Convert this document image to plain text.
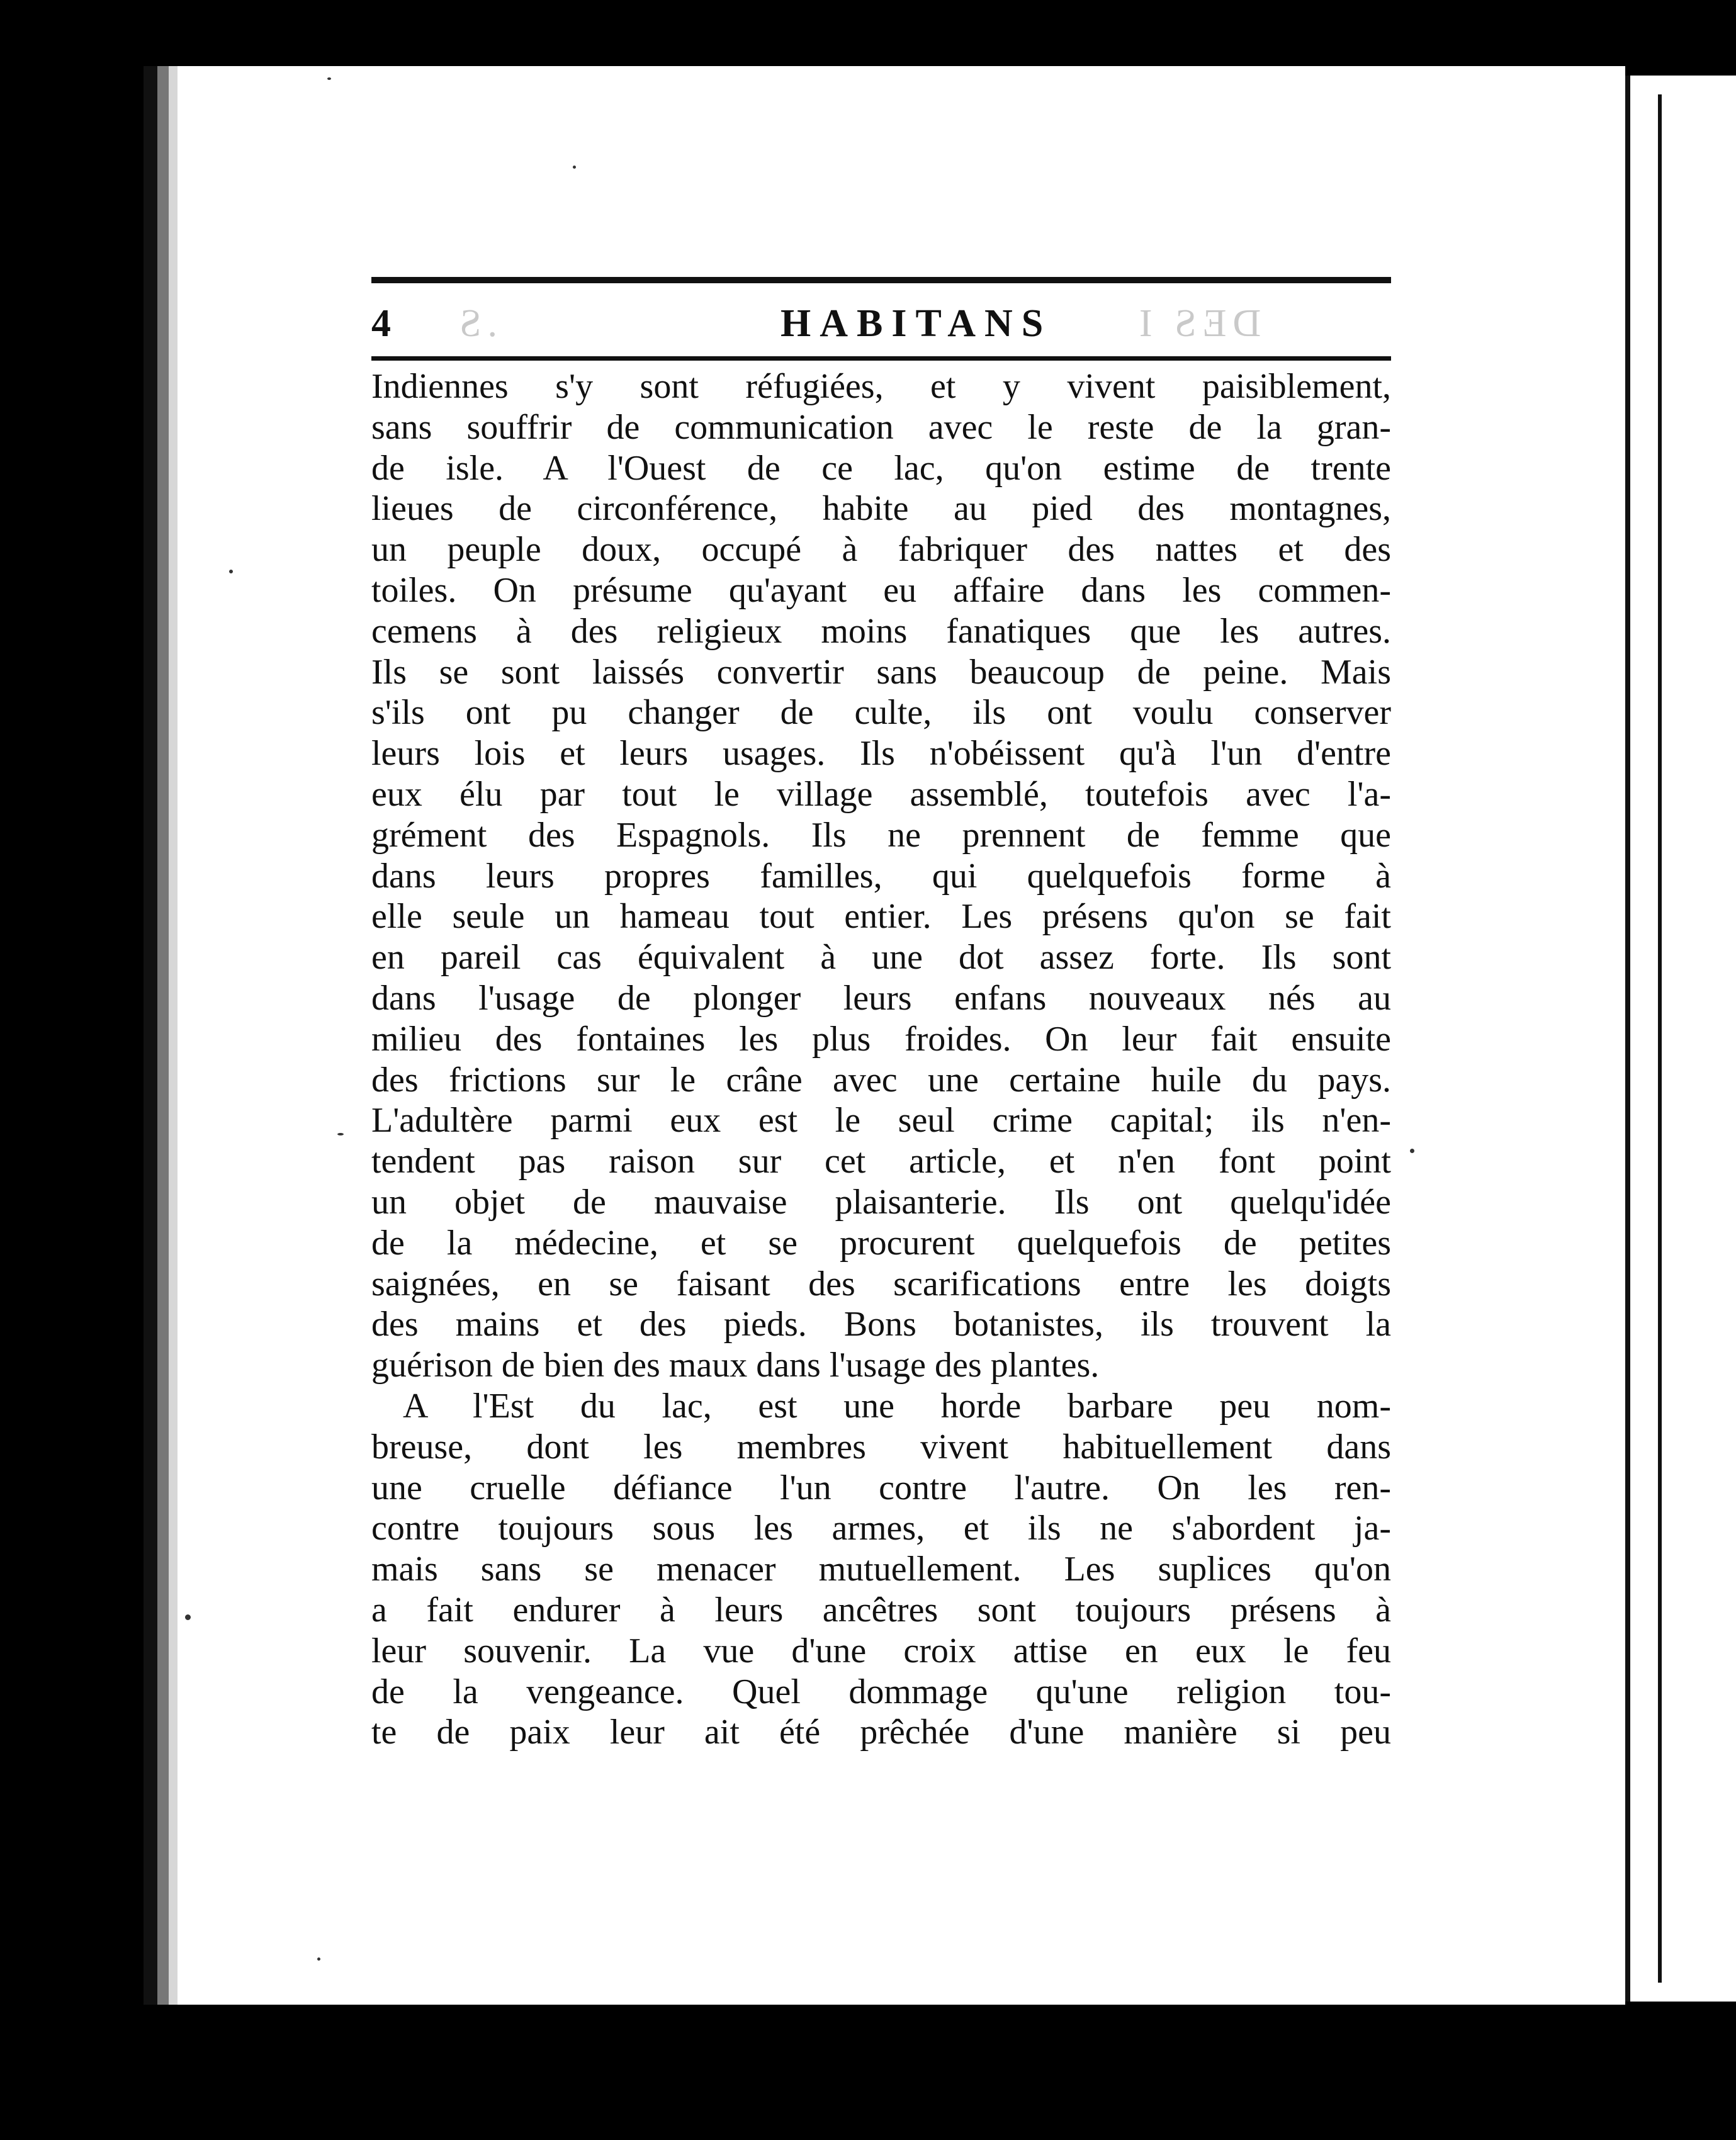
4 .S	HABITANS DES I
Indiennes s'y sont réfugiées, et y vivent paisiblement,
sans souffrir de communication avec le reste de la gran-
de isle. A l'Ouest de ce lac, qu'on estime de trente
lieues de circonférence, habite au pied des montagnes,
un peuple doux, occupé à fabriquer des nattes et des
toiles. On présume qu'ayant eu affaire dans les commen-
cemens à des religieux moins fanatiques que les autres.
Ils se sont laissés convertir sans beaucoup de peine. Mais
s'ils ont pu changer de culte, ils ont voulu conserver
leurs lois et leurs usages. Ils n'obéissent qu'à l'un d'entre
eux élu par tout le village assemblé, toutefois avec l'a-
grément des Espagnols. Ils ne prennent de femme que
dans leurs propres familles, qui quelquefois forme à
elle seule un hameau tout entier. Les présens qu'on se fait
en pareil cas équivalent à une dot assez forte. Ils sont
dans l'usage de plonger leurs enfans nouveaux nés au
milieu des fontaines les plus froides. On leur fait ensuite
des frictions sur le crâne avec une certaine huile du pays.
L'adultère parmi eux est le seul crime capital; ils n'en-
tendent pas raison sur cet article, et n'en font point
un objet de mauvaise plaisanterie. Ils ont quelqu'idée
de la médecine, et se procurent quelquefois de petites
saignées, en se faisant des scarifications entre les doigts
des mains et des pieds. Bons botanistes, ils trouvent la
guérison de bien des maux dans l'usage des plantes.
A l'Est du lac, est une horde barbare peu nom-
breuse, dont les membres vivent habituellement dans
une cruelle défiance l'un contre l'autre. On les ren-
contre toujours sous les armes, et ils ne s'abordent ja-
mais sans se menacer mutuellement. Les suplices qu'on
a fait endurer à leurs ancêtres sont toujours présens à
leur souvenir. La vue d'une croix attise en eux le feu
de la vengeance. Quel dommage qu'une religion tou-
te de paix leur ait été prêchée d'une manière si peu
